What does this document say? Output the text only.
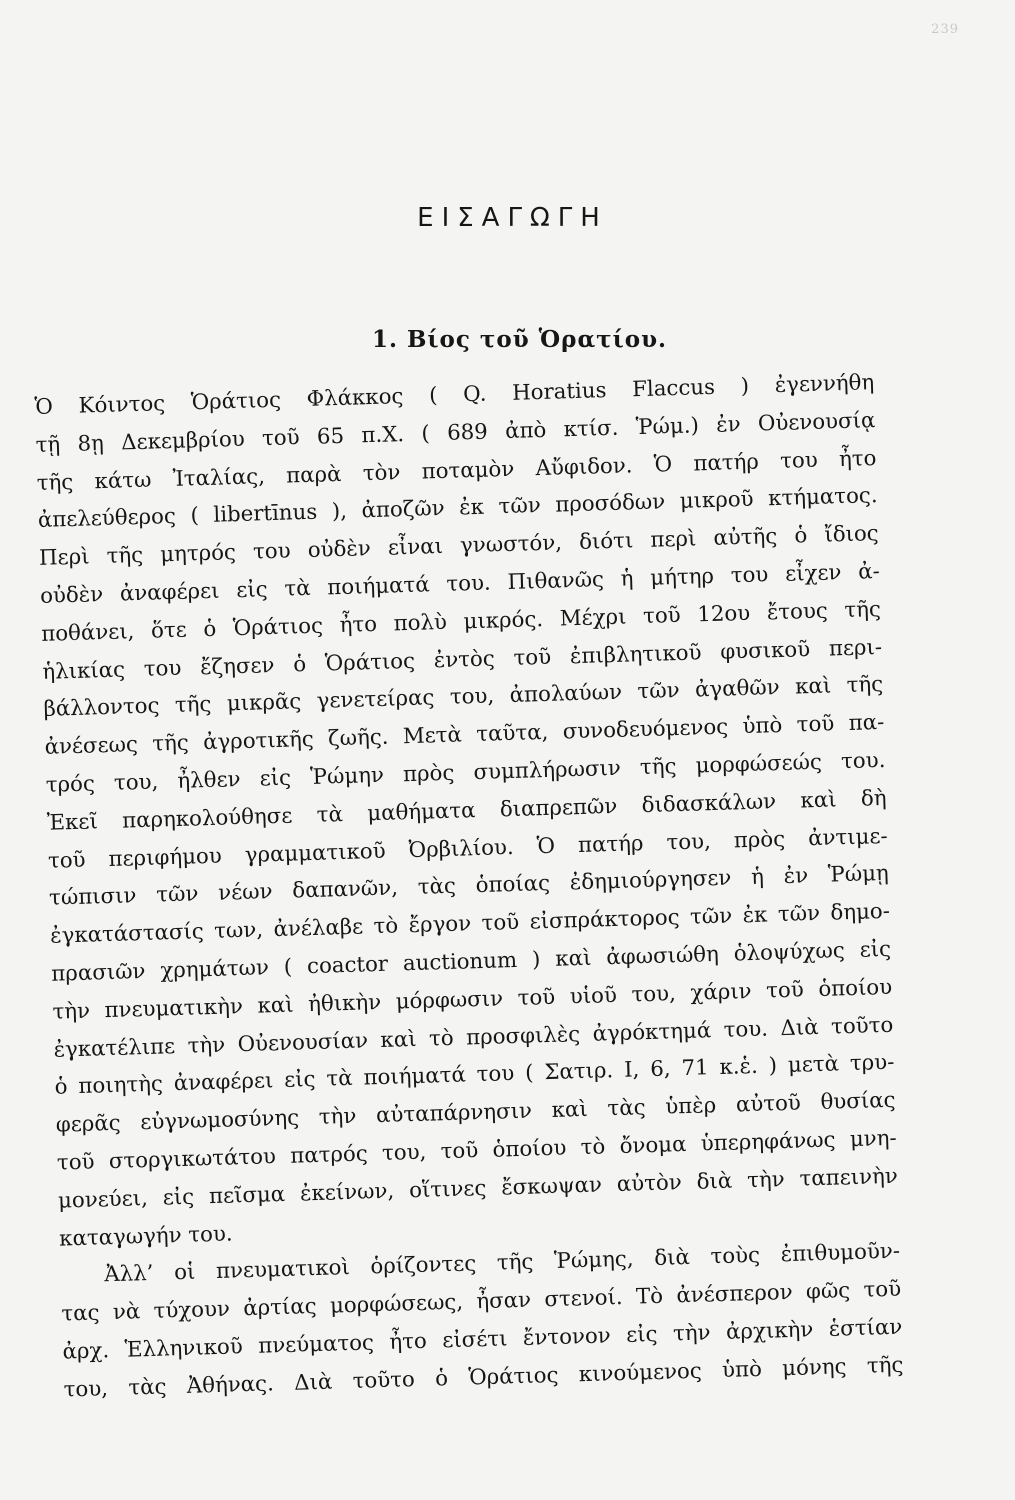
239
ΕΙΣΑΓΩΓΗ
1. Βίος τοῦ Ὁρατίου.
Ὁ Κόιντος Ὁράτιος Φλάκκος ( Q. Horatius Flaccus ) ἐγεννήθη
τῇ 8ῃ Δεκεμβρίου τοῦ 65 π.Χ. ( 689 ἀπὸ κτίσ. Ῥώμ.) ἐν Οὐενουσίᾳ
τῆς κάτω Ἰταλίας, παρὰ τὸν ποταμὸν Αὔφιδον. Ὁ πατήρ του ἦτο
ἀπελεύθερος ( libertīnus ), ἀποζῶν ἐκ τῶν προσόδων μικροῦ κτήματος.
Περὶ τῆς μητρός του οὐδὲν εἶναι γνωστόν, διότι περὶ αὐτῆς ὁ ἴδιος
οὐδὲν ἀναφέρει εἰς τὰ ποιήματά του. Πιθανῶς ἡ μήτηρ του εἶχεν ἀ-
ποθάνει, ὅτε ὁ Ὁράτιος ἦτο πολὺ μικρός. Μέχρι τοῦ 12ου ἔτους τῆς
ἡλικίας του ἔζησεν ὁ Ὁράτιος ἐντὸς τοῦ ἐπιβλητικοῦ φυσικοῦ περι-
βάλλοντος τῆς μικρᾶς γενετείρας του, ἀπολαύων τῶν ἀγαθῶν καὶ τῆς
ἀνέσεως τῆς ἀγροτικῆς ζωῆς. Μετὰ ταῦτα, συνοδευόμενος ὑπὸ τοῦ πα-
τρός του, ἦλθεν εἰς Ῥώμην πρὸς συμπλήρωσιν τῆς μορφώσεώς του.
Ἐκεῖ παρηκολούθησε τὰ μαθήματα διαπρεπῶν διδασκάλων καὶ δὴ
τοῦ περιφήμου γραμματικοῦ Ὀρβιλίου. Ὁ πατήρ του, πρὸς ἀντιμε-
τώπισιν τῶν νέων δαπανῶν, τὰς ὁποίας ἐδημιούργησεν ἡ ἐν Ῥώμῃ
ἐγκατάστασίς των, ἀνέλαβε τὸ ἔργον τοῦ εἰσπράκτορος τῶν ἐκ τῶν δημο-
πρασιῶν χρημάτων ( coactor auctionum ) καὶ ἀφωσιώθη ὁλοψύχως εἰς
τὴν πνευματικὴν καὶ ἠθικὴν μόρφωσιν τοῦ υἱοῦ του, χάριν τοῦ ὁποίου
ἐγκατέλιπε τὴν Οὐενουσίαν καὶ τὸ προσφιλὲς ἀγρόκτημά του. Διὰ τοῦτο
ὁ ποιητὴς ἀναφέρει εἰς τὰ ποιήματά του ( Σατιρ. I, 6, 71 κ.ἑ. ) μετὰ τρυ-
φερᾶς εὐγνωμοσύνης τὴν αὐταπάρνησιν καὶ τὰς ὑπὲρ αὐτοῦ θυσίας
τοῦ στοργικωτάτου πατρός του, τοῦ ὁποίου τὸ ὄνομα ὑπερηφάνως μνη-
μονεύει, εἰς πεῖσμα ἐκείνων, οἵτινες ἔσκωψαν αὐτὸν διὰ τὴν ταπεινὴν
καταγωγήν του.
Ἀλλ’ οἱ πνευματικοὶ ὁρίζοντες τῆς Ῥώμης, διὰ τοὺς ἐπιθυμοῦν-
τας νὰ τύχουν ἀρτίας μορφώσεως, ἦσαν στενοί. Τὸ ἀνέσπερον φῶς τοῦ
ἀρχ. Ἑλληνικοῦ πνεύματος ἦτο εἰσέτι ἔντονον εἰς τὴν ἀρχικὴν ἑστίαν
του, τὰς Ἀθήνας. Διὰ τοῦτο ὁ Ὁράτιος κινούμενος ὑπὸ μόνης τῆς
